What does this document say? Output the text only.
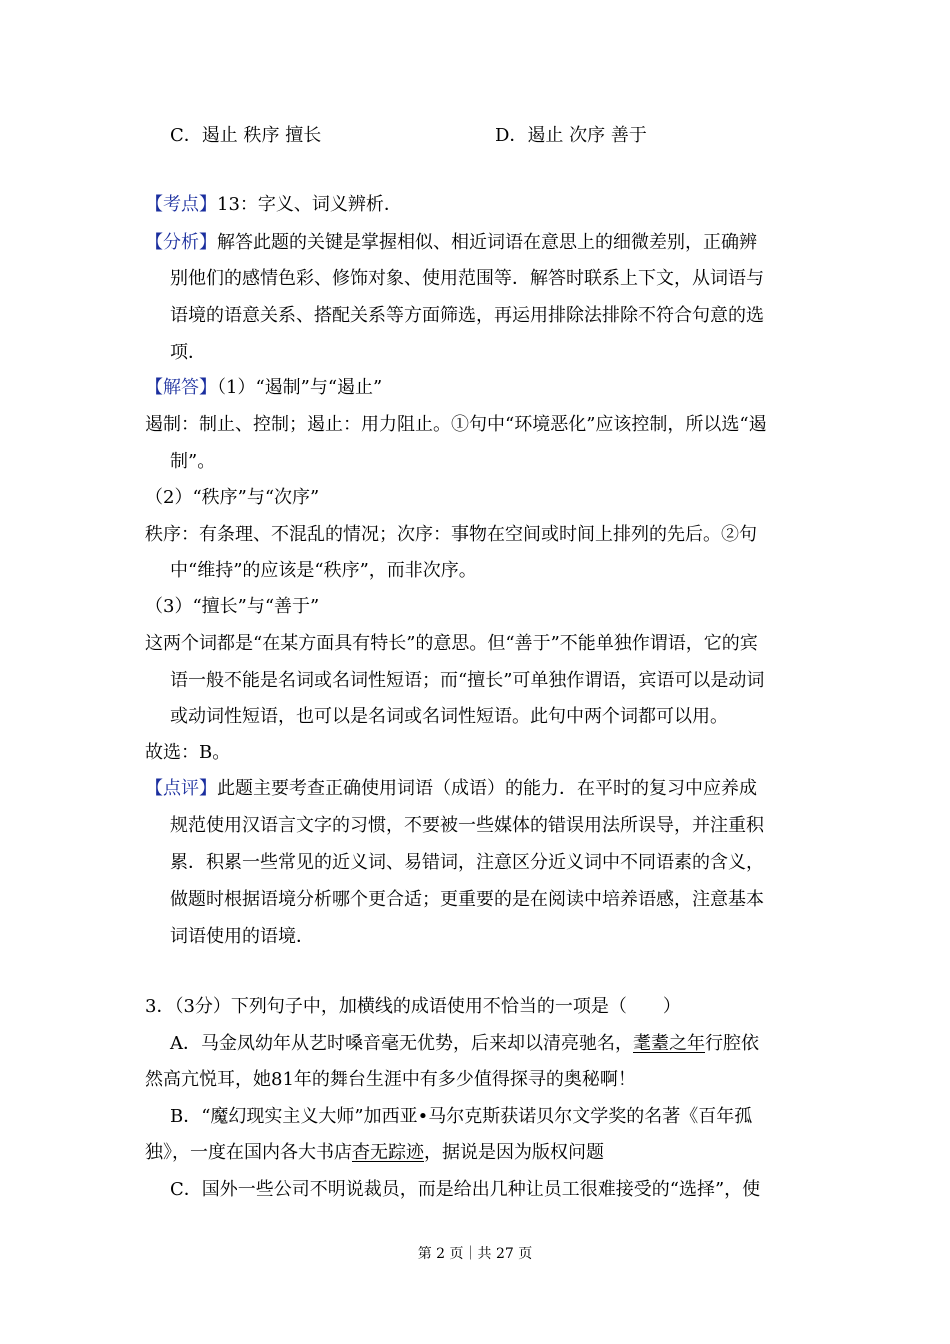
C．遏止 秩序 擅长	D．遏止 次序 善于
【考点】13：字义、词义辨析．
【分析】解答此题的关键是掌握相似、相近词语在意思上的细微差别，正确辨
别他们的感情色彩、修饰对象、使用范围等．解答时联系上下文，从词语与
语境的语意关系、搭配关系等方面筛选，再运用排除法排除不符合句意的选
项．
【解答】（1）“遏制”与“遏止”
遏制：制止、控制；遏止：用力阻止。①句中“环境恶化”应该控制，所以选“遏
制”。
（2）“秩序”与“次序”
秩序：有条理、不混乱的情况；次序：事物在空间或时间上排列的先后。②句
中“维持”的应该是“秩序”，而非次序。
（3）“擅长”与“善于”
这两个词都是“在某方面具有特长”的意思。但“善于”不能单独作谓语，它的宾
语一般不能是名词或名词性短语；而“擅长”可单独作谓语，宾语可以是动词
或动词性短语，也可以是名词或名词性短语。此句中两个词都可以用。
故选：B。
【点评】此题主要考查正确使用词语（成语）的能力．在平时的复习中应养成
规范使用汉语言文字的习惯，不要被一些媒体的错误用法所误导，并注重积
累．积累一些常见的近义词、易错词，注意区分近义词中不同语素的含义，
做题时根据语境分析哪个更合适；更重要的是在阅读中培养语感，注意基本
词语使用的语境．
3．（3分）下列句子中，加横线的成语使用不恰当的一项是（　　）
A．马金凤幼年从艺时嗓音毫无优势，后来却以清亮驰名，耄耋之年行腔依
然高亢悦耳，她81年的舞台生涯中有多少值得探寻的奥秘啊！
B．“魔幻现实主义大师”加西亚•马尔克斯获诺贝尔文学奖的名著《百年孤
独》，一度在国内各大书店杳无踪迹，据说是因为版权问题
C．国外一些公司不明说裁员，而是给出几种让员工很难接受的“选择”，使
第 2 页｜共 27 页
